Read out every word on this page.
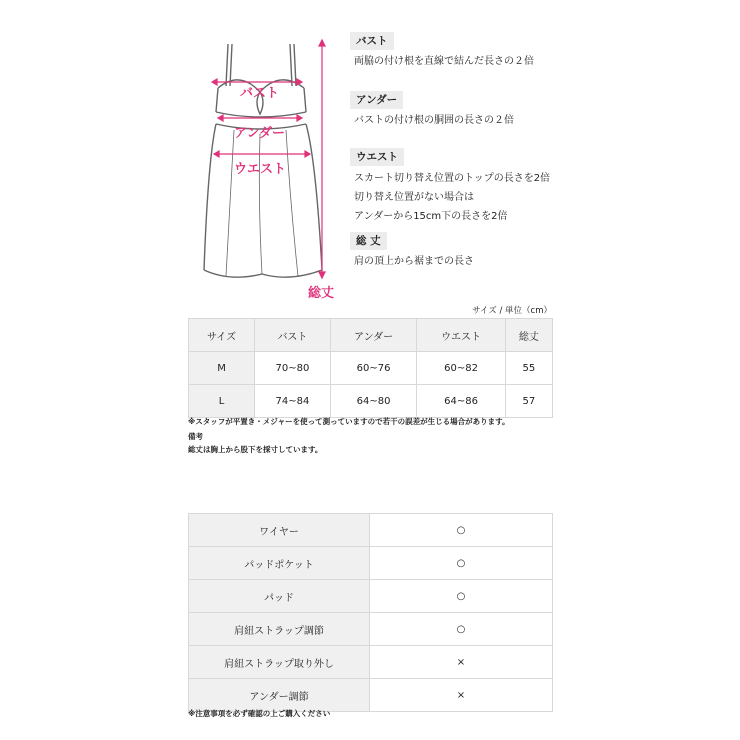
バスト
アンダー
ウエスト
総丈
バスト
両脇の付け根を直線で結んだ長さの２倍
アンダー
バストの付け根の胴囲の長さの２倍
ウエスト
スカート切り替え位置のトップの長さを2倍
切り替え位置がない場合は
アンダーから15cm下の長さを2倍
総 丈
肩の頂上から裾までの長さ
サイズ / 単位（cm）
サイズ	バスト	アンダー	ウエスト	総丈
M	70~80	60~76	60~82	55
L	74~84	64~80	64~86	57
※スタッフが平置き・メジャーを使って測っていますので若干の誤差が生じる場合があります。
備考
総丈は胸上から股下を採寸しています。
ワイヤー	○
パッドポケット	○
パッド	○
肩紐ストラップ調節	○
肩紐ストラップ取り外し	×
アンダー調節	×
※注意事項を必ず確認の上ご購入ください
